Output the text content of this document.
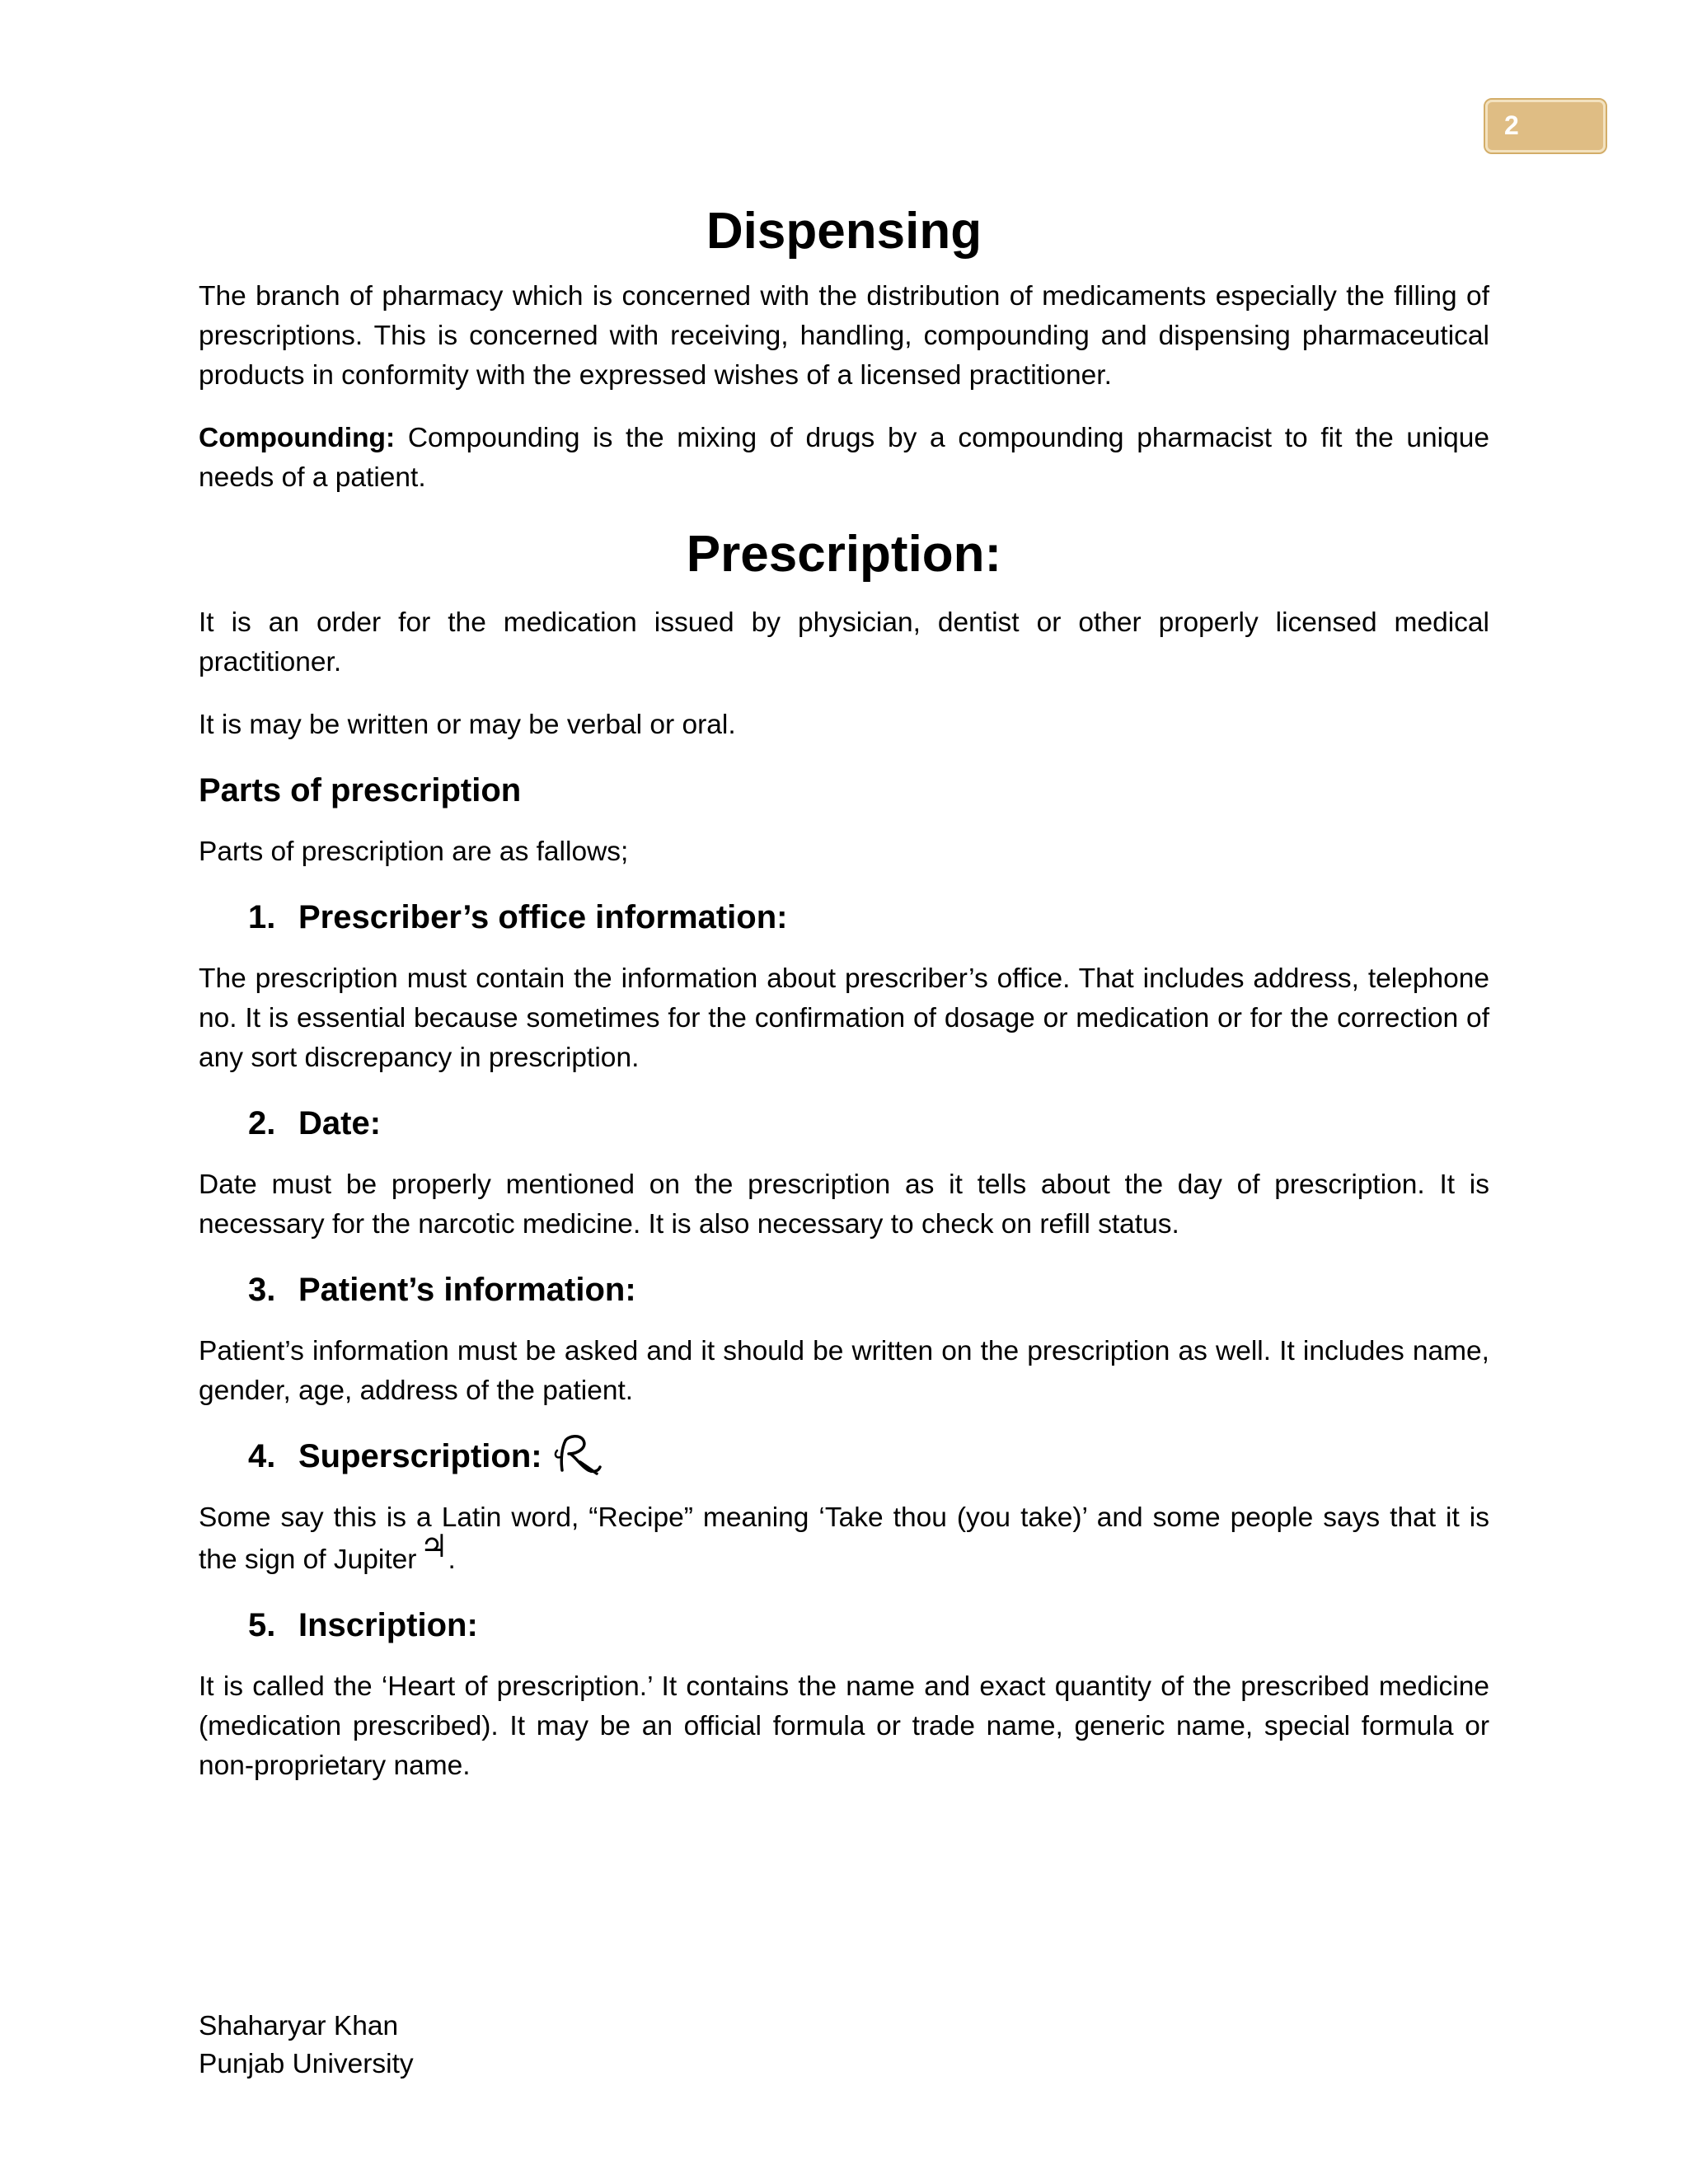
2
Dispensing

The branch of pharmacy which is concerned with the distribution of medicaments especially the filling of prescriptions. This is concerned with receiving, handling, compounding and dispensing pharmaceutical products in conformity with the expressed wishes of a licensed practitioner.

Compounding: Compounding is the mixing of drugs by a compounding pharmacist to fit the unique needs of a patient.

Prescription:

It is an order for the medication issued by physician, dentist or other properly licensed medical practitioner.

It is may be written or may be verbal or oral.

Parts of prescription

Parts of prescription are as fallows;

1. Prescriber’s office information:

The prescription must contain the information about prescriber’s office. That includes address, telephone no. It is essential because sometimes for the confirmation of dosage or medication or for the correction of any sort discrepancy in prescription.

2. Date:

Date must be properly mentioned on the prescription as it tells about the day of prescription. It is necessary for the narcotic medicine. It is also necessary to check on refill status.

3. Patient’s information:

Patient’s information must be asked and it should be written on the prescription as well. It includes name, gender, age, address of the patient.

4. Superscription:

Some say this is a Latin word, “Recipe” meaning ‘Take thou (you take)’ and some people says that it is the sign of Jupiter ♃.

5. Inscription:

It is called the ‘Heart of prescription.’ It contains the name and exact quantity of the prescribed medicine (medication prescribed). It may be an official formula or trade name, generic name, special formula or non-proprietary name.

Shaharyar Khan
Punjab University
